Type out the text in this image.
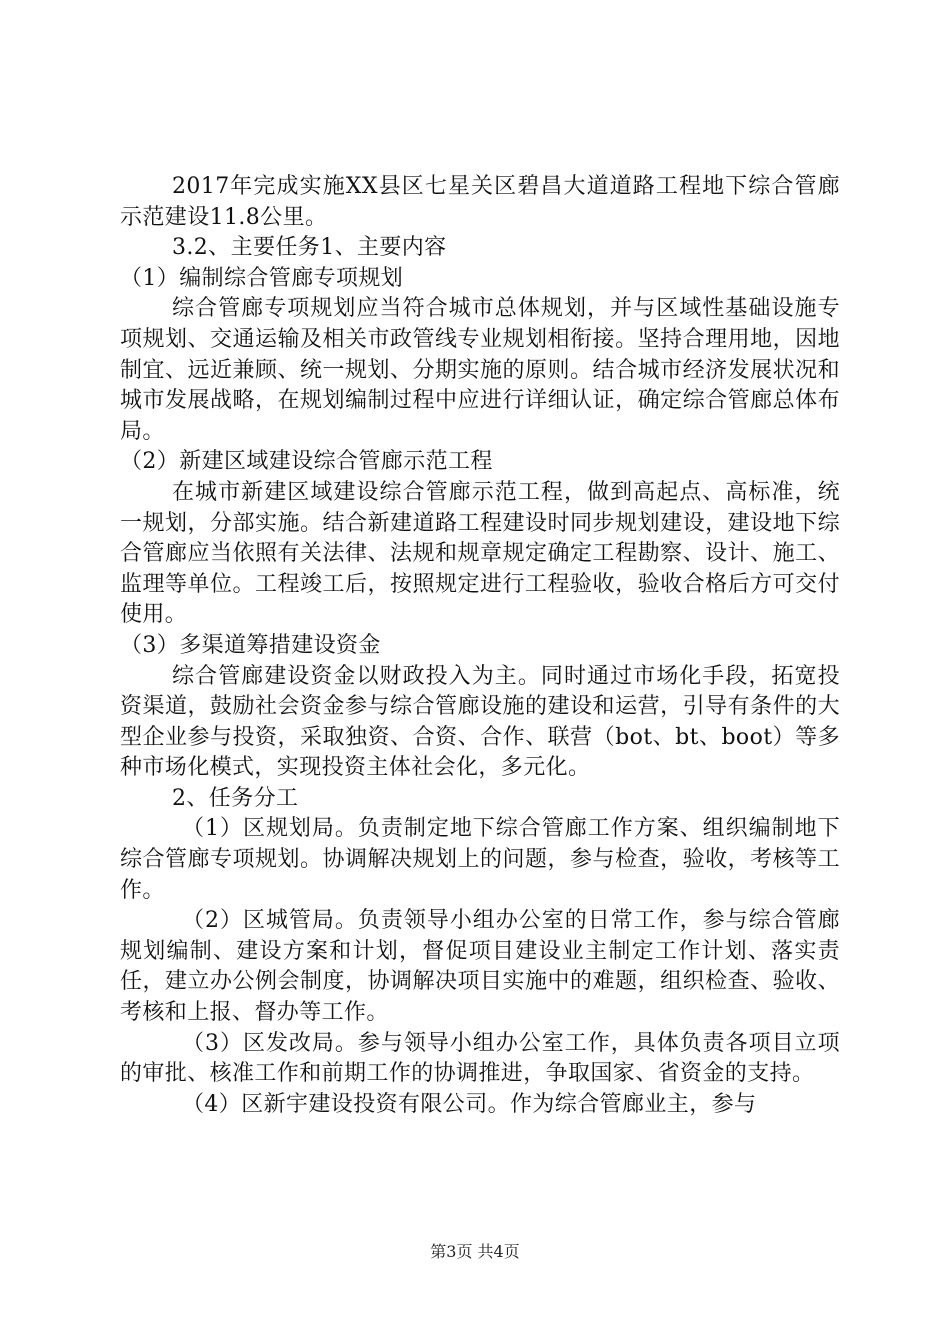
2017年完成实施XX县区七星关区碧昌大道道路工程地下综合管廊示范建设11.8公里。

3.2、主要任务1、主要内容

（1）编制综合管廊专项规划

综合管廊专项规划应当符合城市总体规划，并与区域性基础设施专项规划、交通运输及相关市政管线专业规划相衔接。坚持合理用地，因地制宜、远近兼顾、统一规划、分期实施的原则。结合城市经济发展状况和城市发展战略，在规划编制过程中应进行详细认证，确定综合管廊总体布局。

（2）新建区域建设综合管廊示范工程

在城市新建区域建设综合管廊示范工程，做到高起点、高标准，统一规划，分部实施。结合新建道路工程建设时同步规划建设，建设地下综合管廊应当依照有关法律、法规和规章规定确定工程勘察、设计、施工、监理等单位。工程竣工后，按照规定进行工程验收，验收合格后方可交付使用。

（3）多渠道筹措建设资金

综合管廊建设资金以财政投入为主。同时通过市场化手段，拓宽投资渠道，鼓励社会资金参与综合管廊设施的建设和运营，引导有条件的大型企业参与投资，采取独资、合资、合作、联营（bot、bt、boot）等多种市场化模式，实现投资主体社会化，多元化。

2、任务分工

（1）区规划局。负责制定地下综合管廊工作方案、组织编制地下综合管廊专项规划。协调解决规划上的问题，参与检查，验收，考核等工作。

（2）区城管局。负责领导小组办公室的日常工作，参与综合管廊规划编制、建设方案和计划，督促项目建设业主制定工作计划、落实责任，建立办公例会制度，协调解决项目实施中的难题，组织检查、验收、考核和上报、督办等工作。

（3）区发改局。参与领导小组办公室工作，具体负责各项目立项的审批、核准工作和前期工作的协调推进，争取国家、省资金的支持。

（4）区新宇建设投资有限公司。作为综合管廊业主，参与

第3页 共4页
